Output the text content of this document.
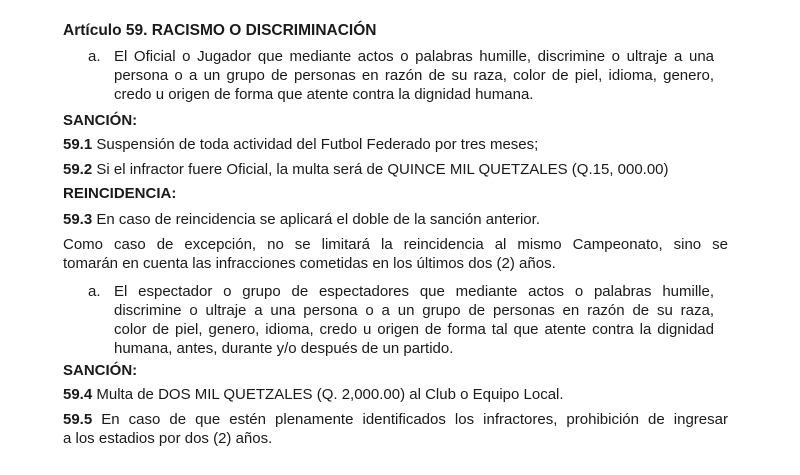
Artículo 59. RACISMO O DISCRIMINACIÓN

a. El Oficial o Jugador que mediante actos o palabras humille, discrimine o ultraje a una
persona o a un grupo de personas en razón de su raza, color de piel, idioma, genero,
credo u origen de forma que atente contra la dignidad humana.

SANCIÓN:

59.1 Suspensión de toda actividad del Futbol Federado por tres meses;

59.2 Si el infractor fuere Oficial, la multa será de QUINCE MIL QUETZALES (Q.15, 000.00)

REINCIDENCIA:

59.3 En caso de reincidencia se aplicará el doble de la sanción anterior.

Como caso de excepción, no se limitará la reincidencia al mismo Campeonato, sino se
tomarán en cuenta las infracciones cometidas en los últimos dos (2) años.

a. El espectador o grupo de espectadores que mediante actos o palabras humille,
discrimine o ultraje a una persona o a un grupo de personas en razón de su raza,
color de piel, genero, idioma, credo u origen de forma tal que atente contra la dignidad
humana, antes, durante y/o después de un partido.

SANCIÓN:

59.4 Multa de DOS MIL QUETZALES (Q. 2,000.00) al Club o Equipo Local.

59.5 En caso de que estén plenamente identificados los infractores, prohibición de ingresar
a los estadios por dos (2) años.
